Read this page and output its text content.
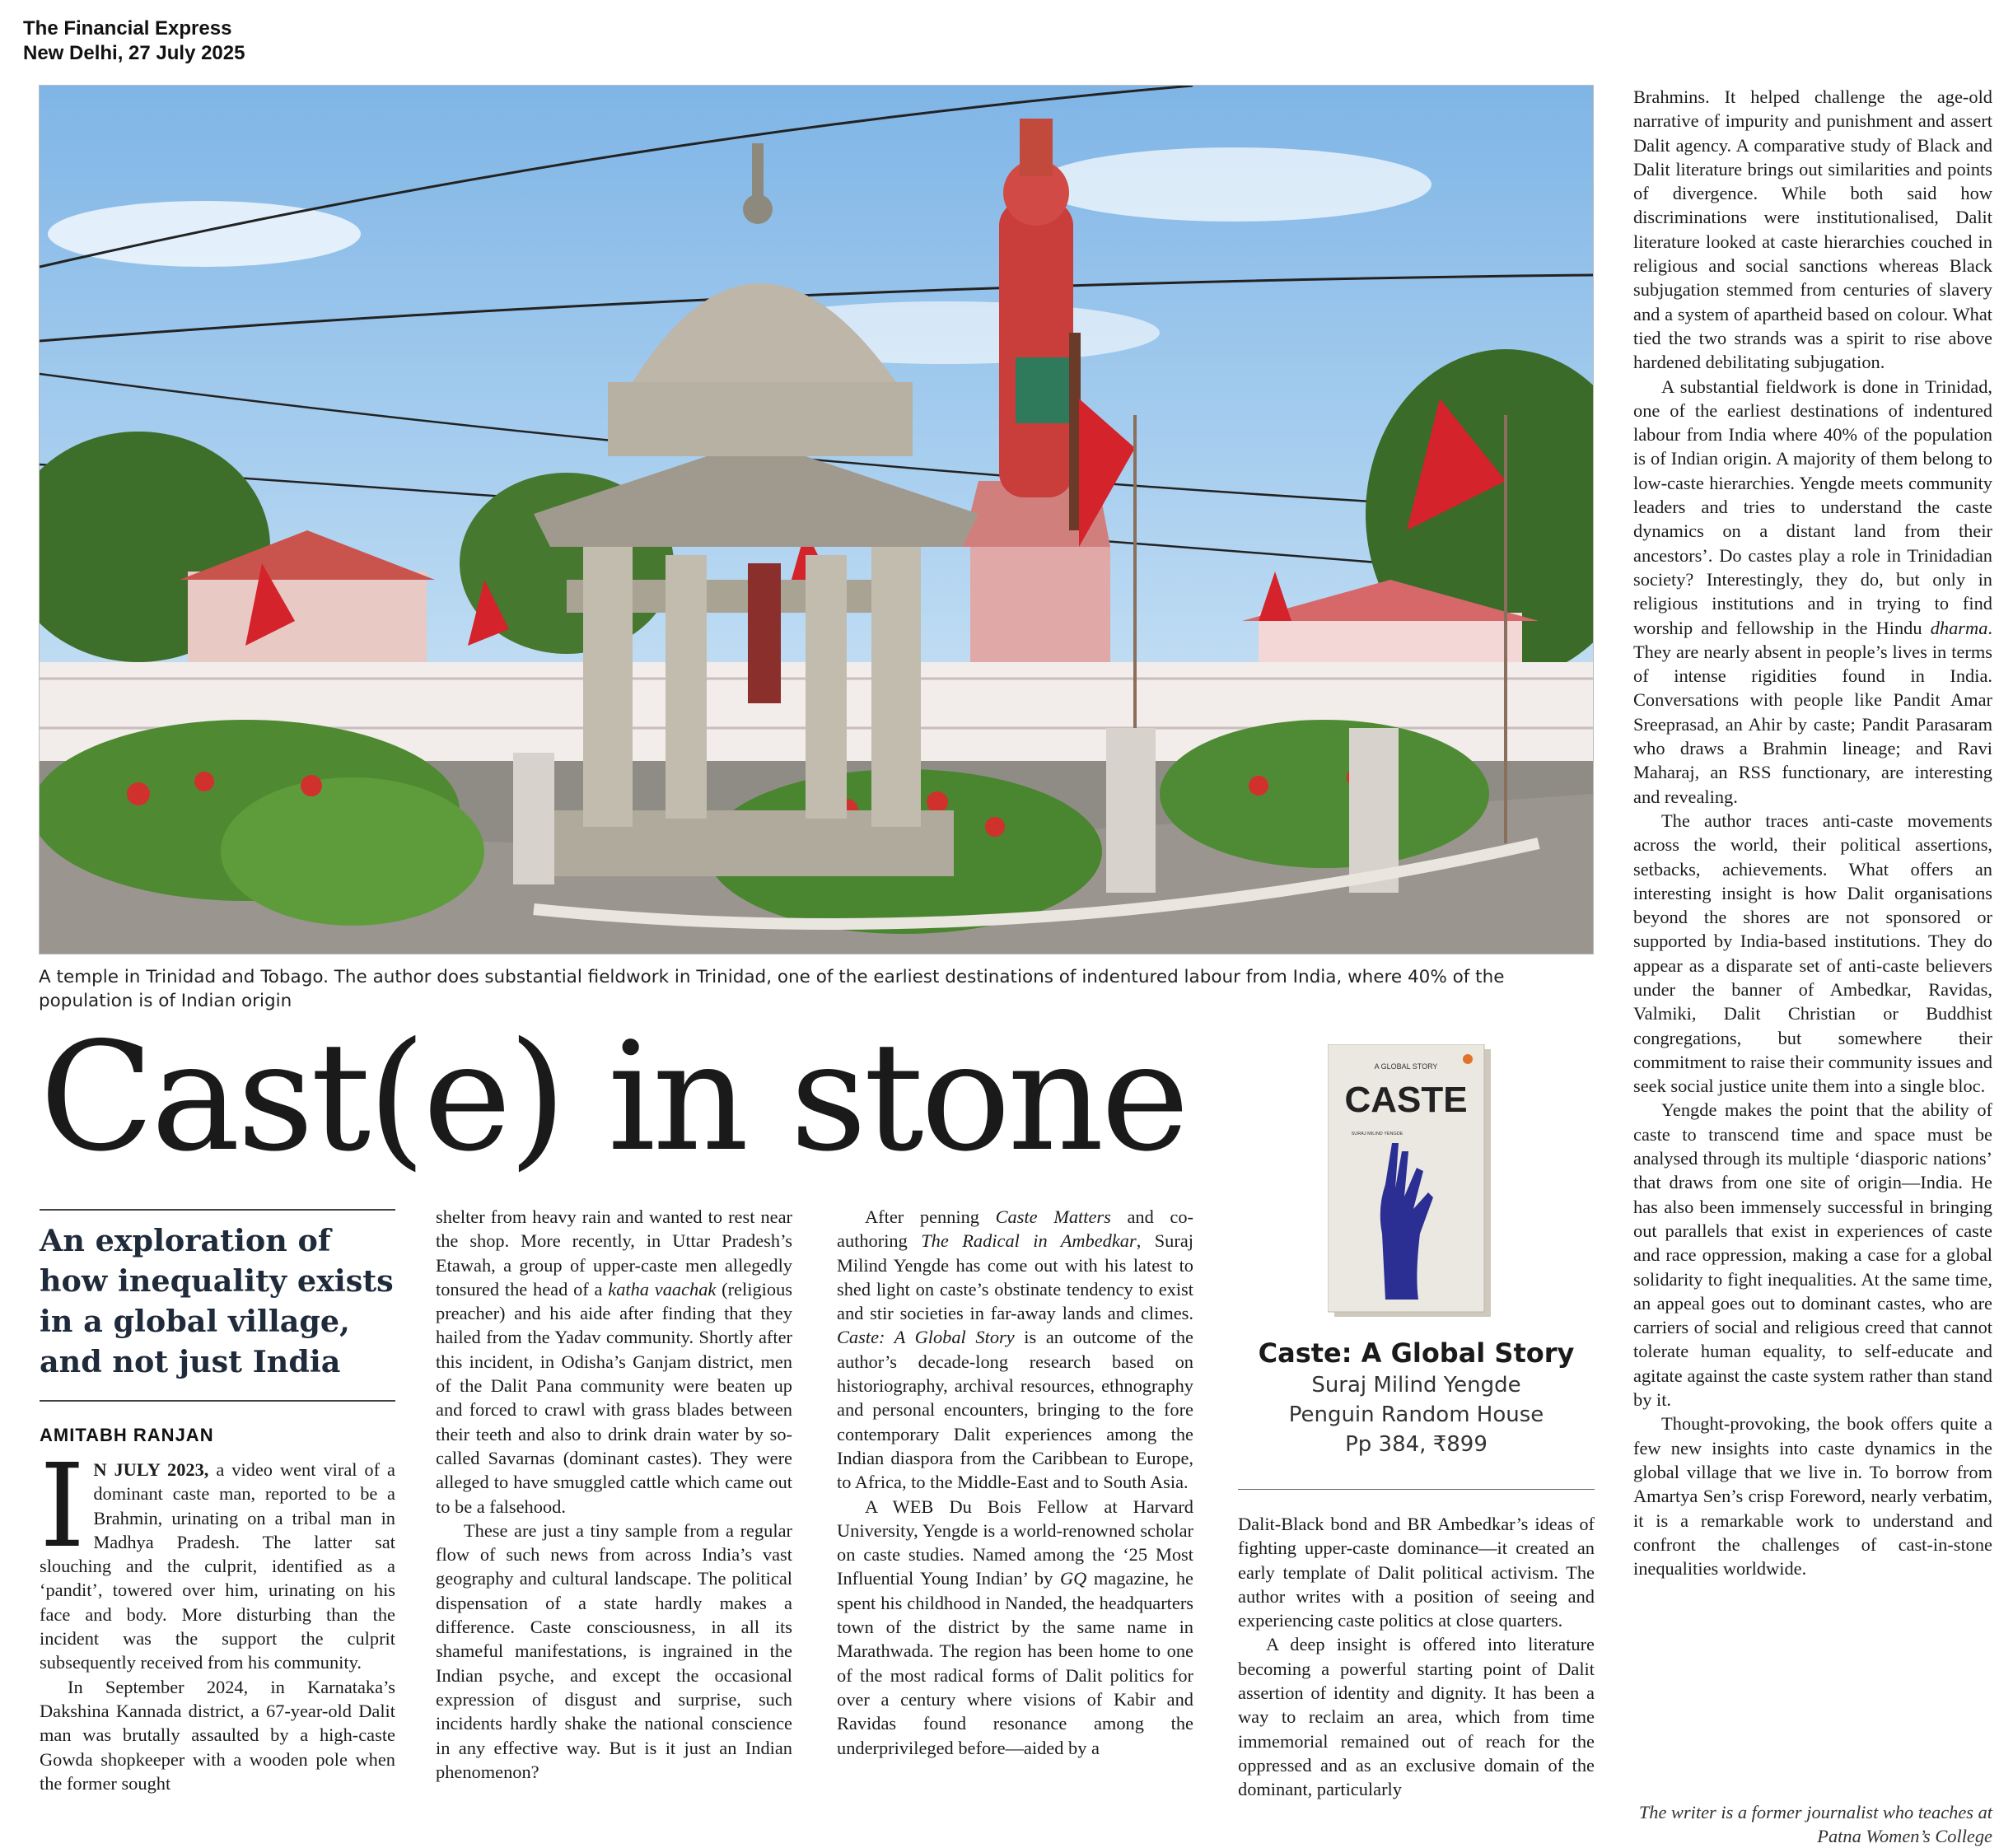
The Financial Express
New Delhi, 27 July 2025
A temple in Trinidad and Tobago. The author does substantial fieldwork in Trinidad, one of the earliest destinations of indentured labour from India, where 40% of the population is of Indian origin
Cast(e) in stone
An exploration of how inequality exists in a global village, and not just India
AMITABH RANJAN

I N JULY 2023, a video went viral of a dominant caste man, reported to be a Brahmin, urinating on a tribal man in Madhya Pradesh. The latter sat slouching and the culprit, identified as a ‘pandit’, towered over him, urinating on his face and body. More disturbing than the incident was the support the culprit subsequently received from his community.

In September 2024, in Karnataka’s Dakshina Kannada district, a 67-year-old Dalit man was brutally assaulted by a high-caste Gowda shopkeeper with a wooden pole when the former sought

shelter from heavy rain and wanted to rest near the shop. More recently, in Uttar Pradesh’s Etawah, a group of upper-caste men allegedly tonsured the head of a katha vaachak (religious preacher) and his aide after finding that they hailed from the Yadav community. Shortly after this incident, in Odisha’s Ganjam district, men of the Dalit Pana community were beaten up and forced to crawl with grass blades between their teeth and also to drink drain water by so-called Savarnas (dominant castes). They were alleged to have smuggled cattle which came out to be a falsehood.

These are just a tiny sample from a regular flow of such news from across India’s vast geography and cultural landscape. The political dispensation of a state hardly makes a difference. Caste consciousness, in all its shameful manifestations, is ingrained in the Indian psyche, and except the occasional expression of disgust and surprise, such incidents hardly shake the national conscience in any effective way. But is it just an Indian phenomenon?

After penning Caste Matters and co-authoring The Radical in Ambedkar, Suraj Milind Yengde has come out with his latest to shed light on caste’s obstinate tendency to exist and stir societies in far-away lands and climes. Caste: A Global Story is an outcome of the author’s decade-long research based on historiography, archival resources, ethnography and personal encounters, bringing to the fore contemporary Dalit experiences among the Indian diaspora from the Caribbean to Europe, to Africa, to the Middle-East and to South Asia.

A WEB Du Bois Fellow at Harvard University, Yengde is a world-renowned scholar on caste studies. Named among the ‘25 Most Influential Young Indian’ by GQ magazine, he spent his childhood in Nanded, the headquarters town of the district by the same name in Marathwada. The region has been home to one of the most radical forms of Dalit politics for over a century where visions of Kabir and Ravidas found resonance among the underprivileged before—aided by a

A GLOBAL STORY
CASTE
SURAJ MILIND YENGDE
Caste: A Global Story
Suraj Milind Yengde
Penguin Random House
Pp 384, ₹899

Dalit-Black bond and BR Ambedkar’s ideas of fighting upper-caste dominance—it created an early template of Dalit political activism. The author writes with a position of seeing and experiencing caste politics at close quarters.

A deep insight is offered into literature becoming a powerful starting point of Dalit assertion of identity and dignity. It has been a way to reclaim an area, which from time immemorial remained out of reach for the oppressed and as an exclusive domain of the dominant, particularly

Brahmins. It helped challenge the age-old narrative of impurity and punishment and assert Dalit agency. A comparative study of Black and Dalit literature brings out similarities and points of divergence. While both said how discriminations were institutionalised, Dalit literature looked at caste hierarchies couched in religious and social sanctions whereas Black subjugation stemmed from centuries of slavery and a system of apartheid based on colour. What tied the two strands was a spirit to rise above hardened debilitating subjugation.

A substantial fieldwork is done in Trinidad, one of the earliest destinations of indentured labour from India where 40% of the population is of Indian origin. A majority of them belong to low-caste hierarchies. Yengde meets community leaders and tries to understand the caste dynamics on a distant land from their ancestors’. Do castes play a role in Trinidadian society? Interestingly, they do, but only in religious institutions and in trying to find worship and fellowship in the Hindu dharma. They are nearly absent in people’s lives in terms of intense rigidities found in India. Conversations with people like Pandit Amar Sreeprasad, an Ahir by caste; Pandit Parasaram who draws a Brahmin lineage; and Ravi Maharaj, an RSS functionary, are interesting and revealing.

The author traces anti-caste movements across the world, their political assertions, setbacks, achievements. What offers an interesting insight is how Dalit organisations beyond the shores are not sponsored or supported by India-based institutions. They do appear as a disparate set of anti-caste believers under the banner of Ambedkar, Ravidas, Valmiki, Dalit Christian or Buddhist congregations, but somewhere their commitment to raise their community issues and seek social justice unite them into a single bloc.

Yengde makes the point that the ability of caste to transcend time and space must be analysed through its multiple ‘diasporic nations’ that draws from one site of origin—India. He has also been immensely successful in bringing out parallels that exist in experiences of caste and race oppression, making a case for a global solidarity to fight inequalities. At the same time, an appeal goes out to dominant castes, who are carriers of social and religious creed that cannot tolerate human equality, to self-educate and agitate against the caste system rather than stand by it.

Thought-provoking, the book offers quite a few new insights into caste dynamics in the global village that we live in. To borrow from Amartya Sen’s crisp Foreword, nearly verbatim, it is a remarkable work to understand and confront the challenges of cast-in-stone inequalities worldwide.

The writer is a former journalist who teaches at Patna Women’s College
